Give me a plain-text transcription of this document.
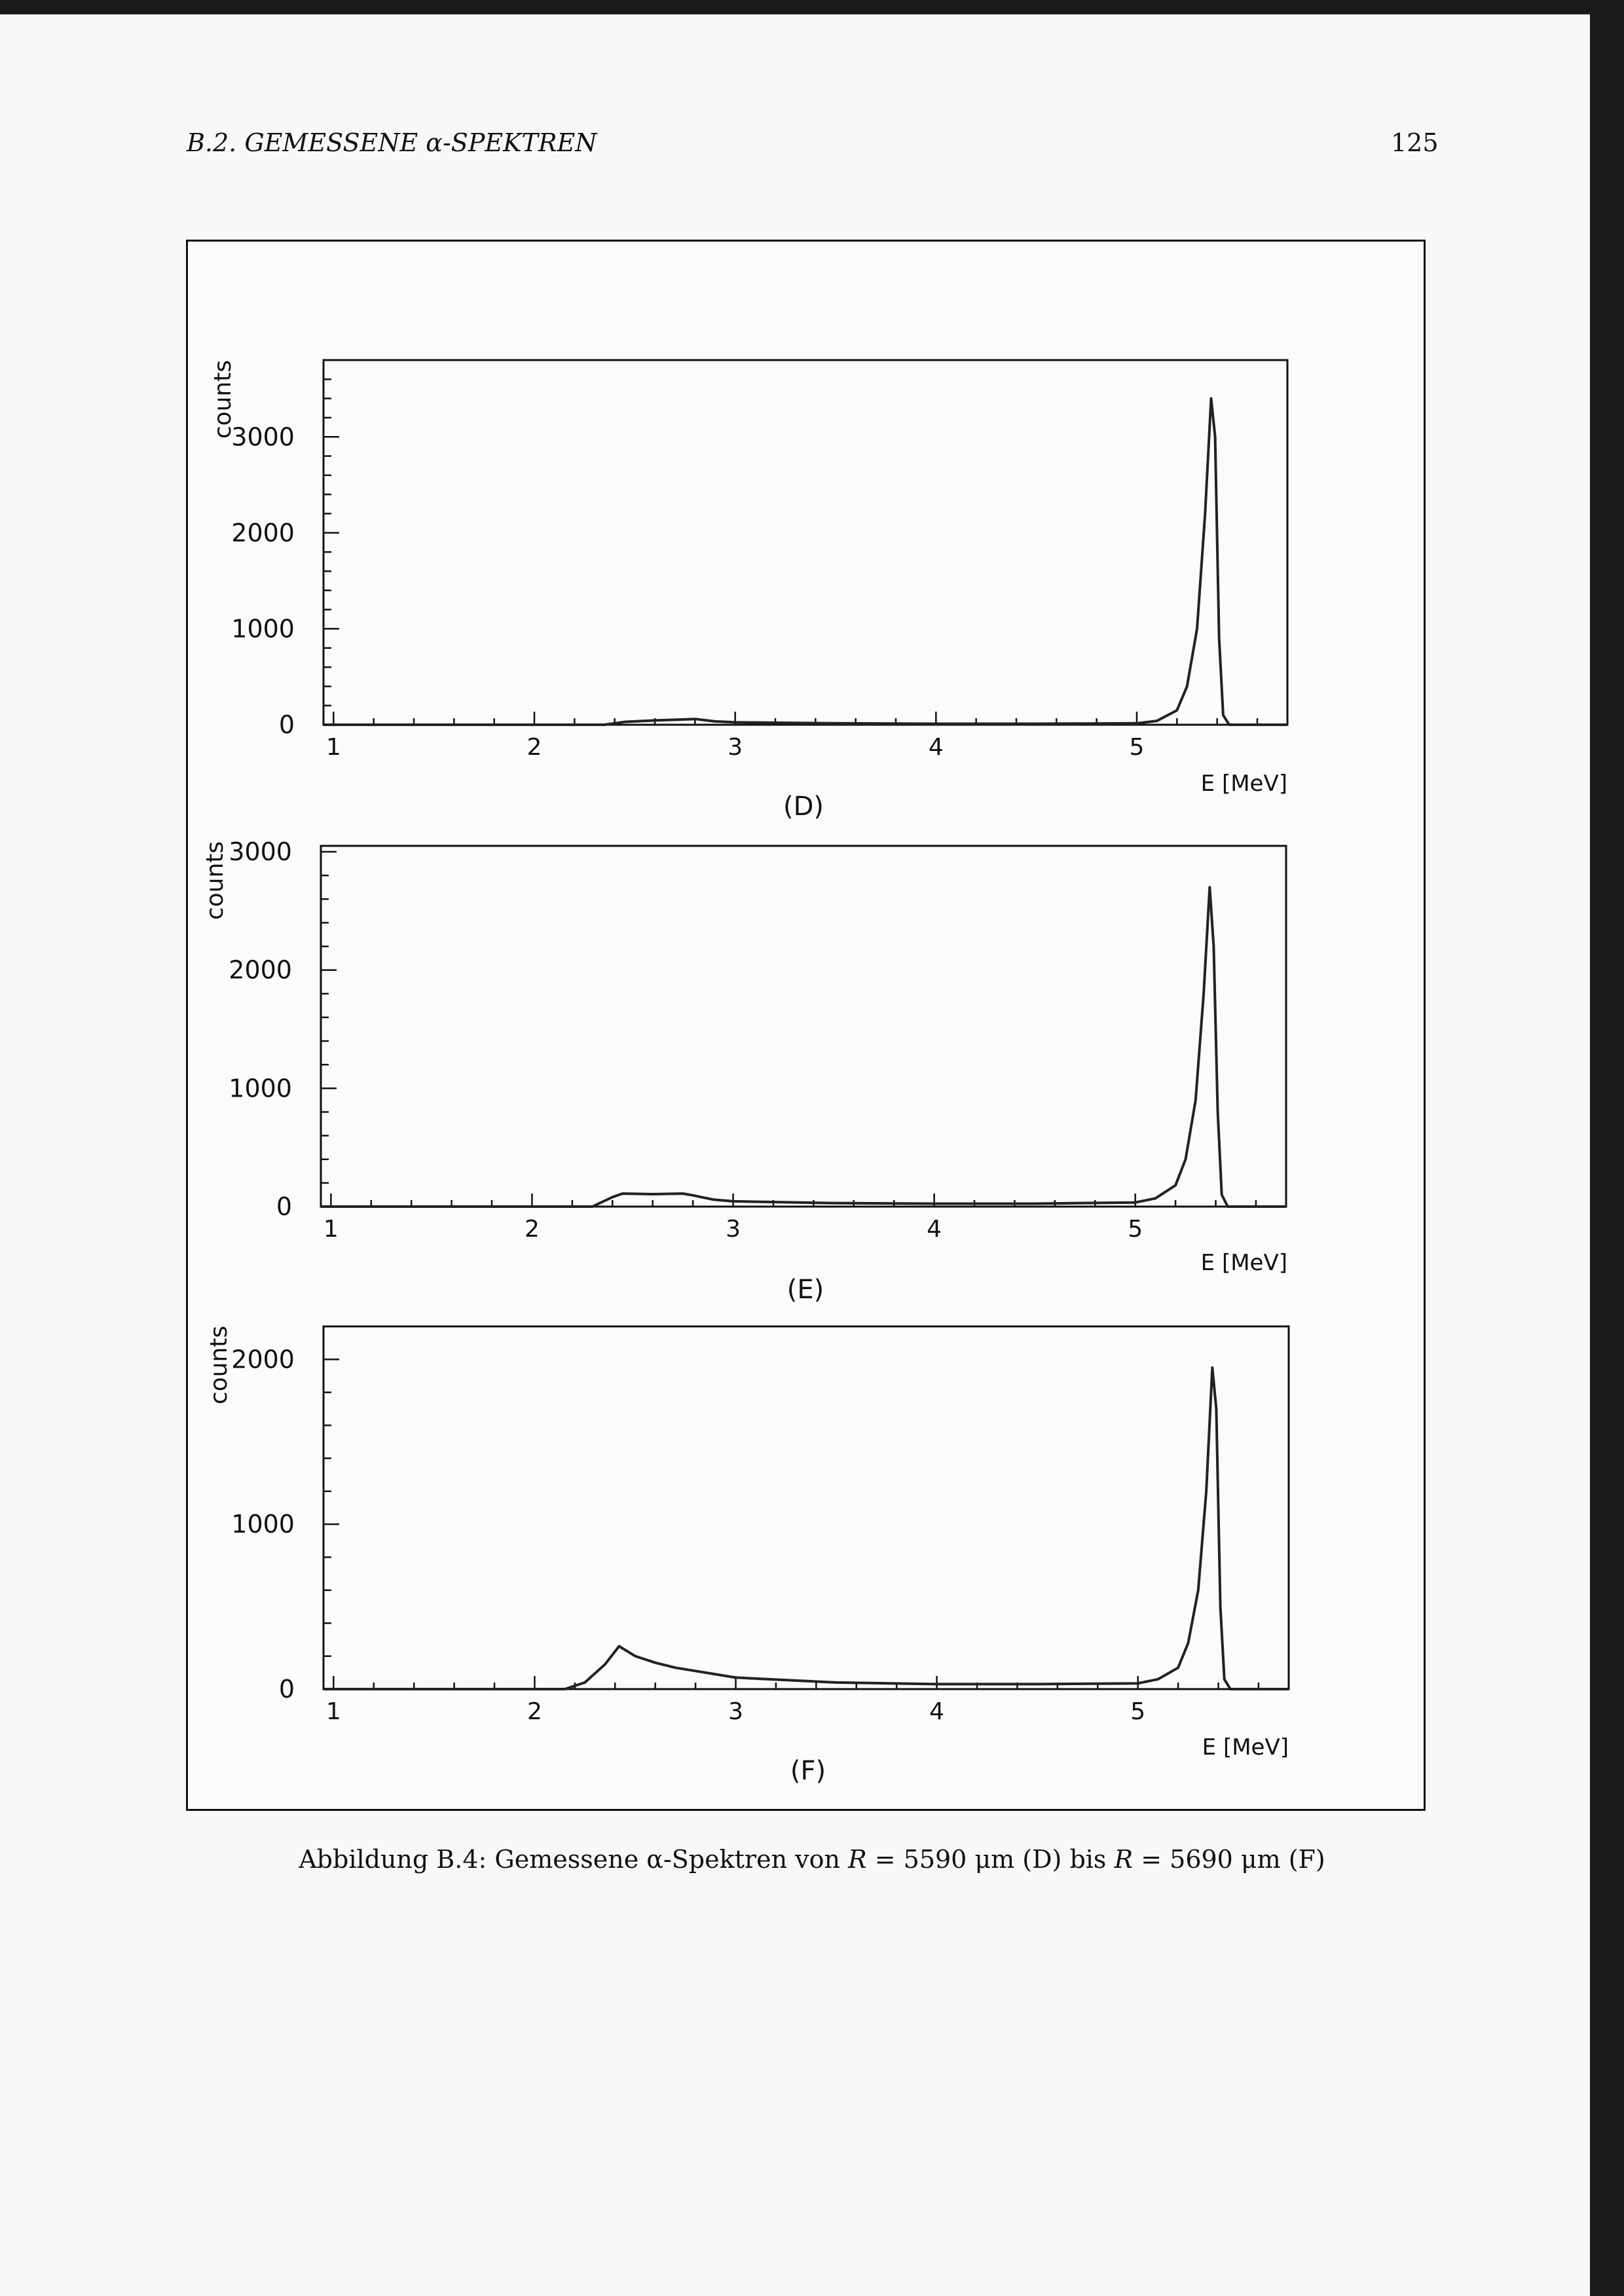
B.2. GEMESSENE α-SPEKTREN	125
1	2	3	4	5
0
1000
2000
3000
counts
E [MeV]
(D)
1	2	3	4	5
0
1000
2000
3000
counts
E [MeV]
(E)
1	2	3	4	5
0
1000
2000
counts
E [MeV]
(F)
Abbildung B.4: Gemessene α-Spektren von R = 5590 μm (D) bis R = 5690 μm (F)
